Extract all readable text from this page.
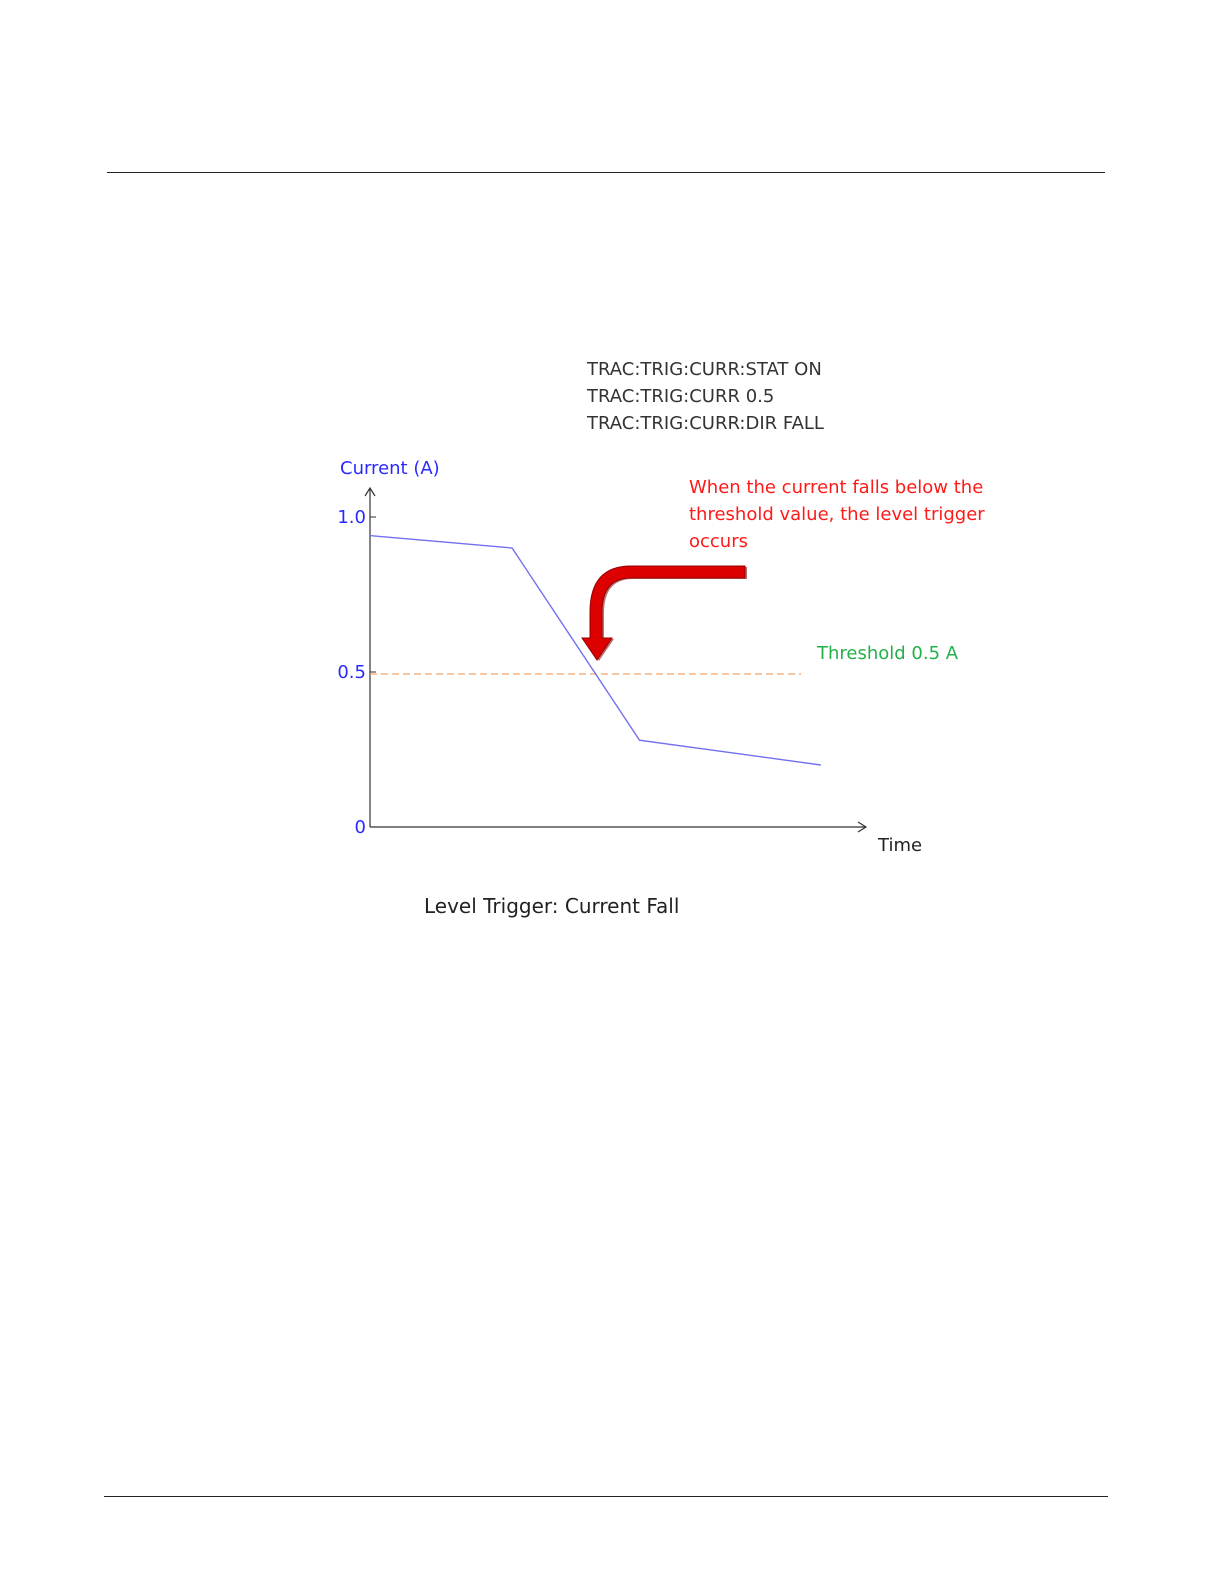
TRAC:TRIG:CURR:STAT ON
TRAC:TRIG:CURR 0.5
TRAC:TRIG:CURR:DIR FALL
Current (A)
Time
1.0
0.5
0
Threshold 0.5 A
When the current falls below the
threshold value, the level trigger
occurs
Level Trigger: Current Fall
